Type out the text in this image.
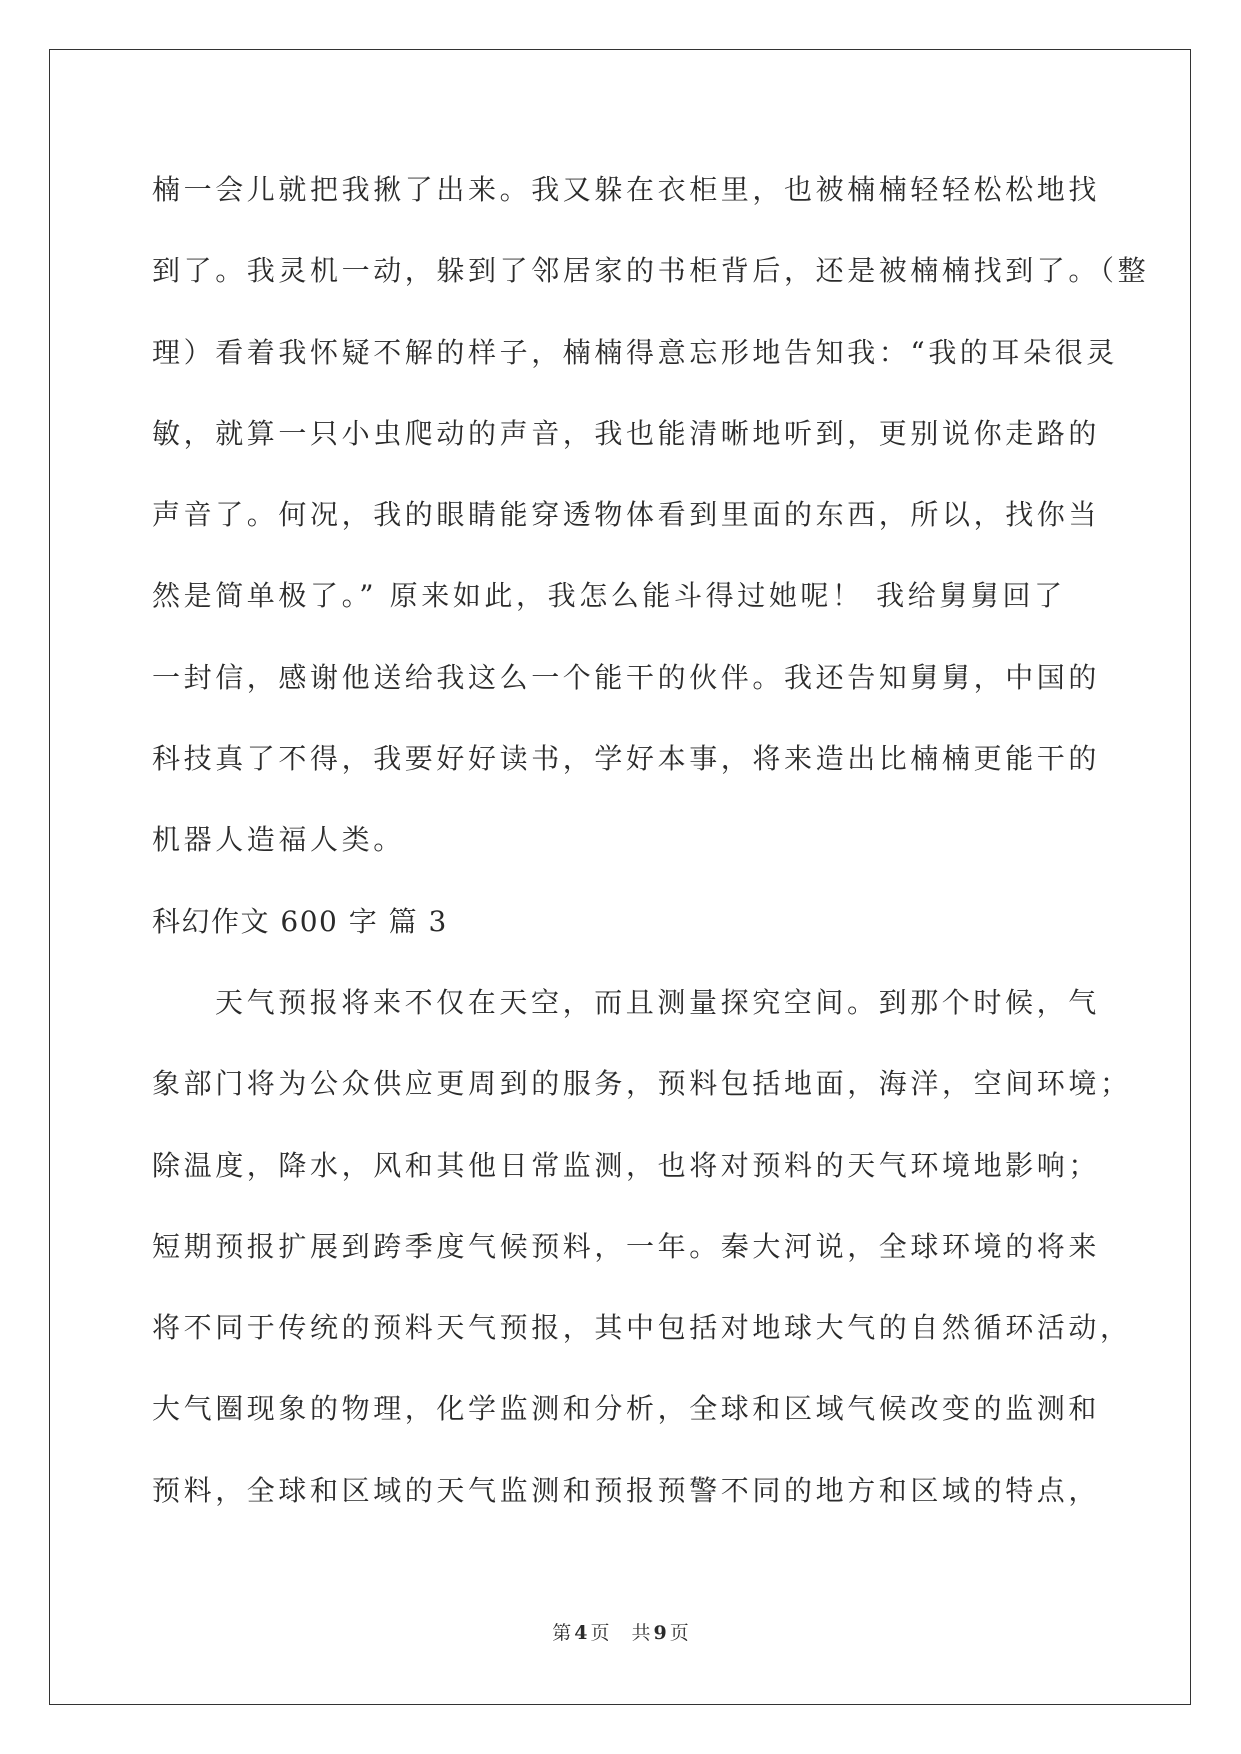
楠一会儿就把我揪了出来。我又躲在衣柜里，也被楠楠轻轻松松地找
到了。我灵机一动，躲到了邻居家的书柜背后，还是被楠楠找到了。（整
理）看着我怀疑不解的样子，楠楠得意忘形地告知我：“我的耳朵很灵
敏，就算一只小虫爬动的声音，我也能清晰地听到，更别说你走路的
声音了。何况，我的眼睛能穿透物体看到里面的东西，所以，找你当
然是简单极了。” 原来如此，我怎么能斗得过她呢！ 我给舅舅回了
一封信，感谢他送给我这么一个能干的伙伴。我还告知舅舅，中国的
科技真了不得，我要好好读书，学好本事，将来造出比楠楠更能干的
机器人造福人类。
科幻作文 600 字 篇 3
天气预报将来不仅在天空，而且测量探究空间。到那个时候，气
象部门将为公众供应更周到的服务，预料包括地面，海洋，空间环境；
除温度，降水，风和其他日常监测，也将对预料的天气环境地影响；
短期预报扩展到跨季度气候预料，一年。秦大河说，全球环境的将来
将不同于传统的预料天气预报，其中包括对地球大气的自然循环活动，
大气圈现象的物理，化学监测和分析，全球和区域气候改变的监测和
预料，全球和区域的天气监测和预报预警不同的地方和区域的特点，
第 4 页 共 9 页
